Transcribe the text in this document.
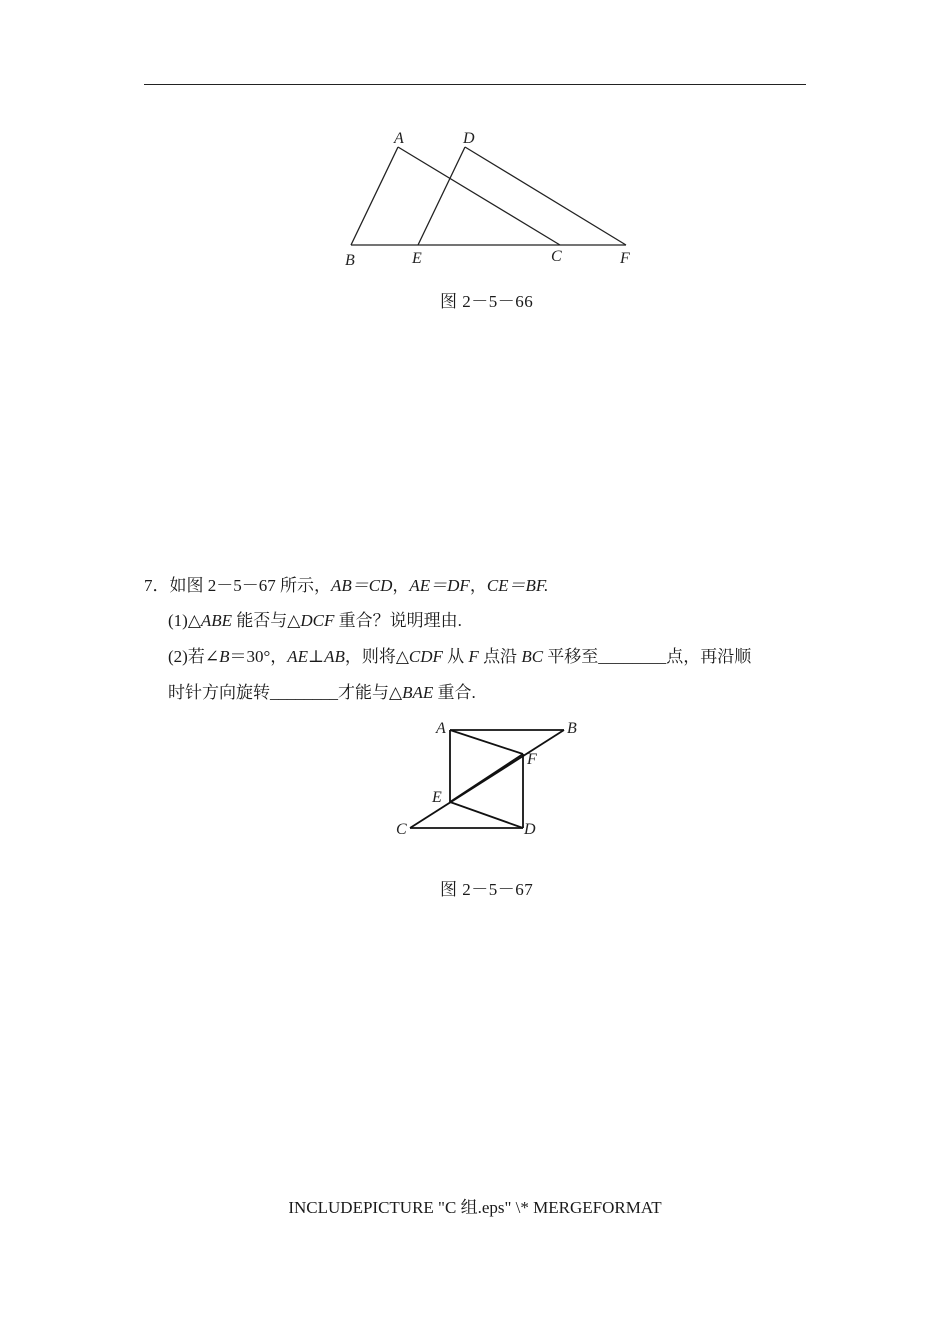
A	D
B	E	C	F
图 2－5－66
7．如图 2－5－67 所示，AB＝CD，AE＝DF，CE＝BF.
(1)△ABE 能否与△DCF 重合？说明理由.
(2)若∠B＝30°，AE⊥AB，则将△CDF 从 F 点沿 BC 平移至________点，再沿顺
时针方向旋转________才能与△BAE 重合.
A	B
F
E
C	D
图 2－5－67
INCLUDEPICTURE "C 组.eps" \* MERGEFORMAT
